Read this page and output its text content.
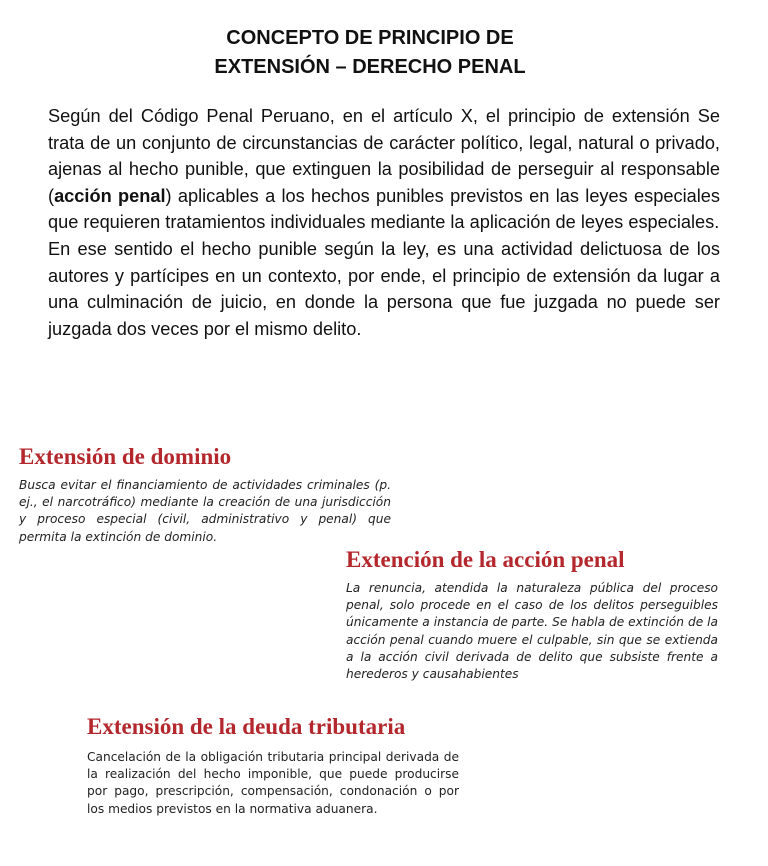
CONCEPTO DE PRINCIPIO DE
EXTENSIÓN – DERECHO PENAL

Según del Código Penal Peruano, en el artículo X, el principio de extensión Se trata de un conjunto de circunstancias de carácter político, legal, natural o privado, ajenas al hecho punible, que extinguen la posibilidad de perseguir al responsable (acción penal) aplicables a los hechos punibles previstos en las leyes especiales que requieren tratamientos individuales mediante la aplicación de leyes especiales.

En ese sentido el hecho punible según la ley, es una actividad delictuosa de los autores y partícipes en un contexto, por ende, el principio de extensión da lugar a una culminación de juicio, en donde la persona que fue juzgada no puede ser juzgada dos veces por el mismo delito.

Extensión de dominio
Busca evitar el financiamiento de actividades criminales (p. ej., el narcotráfico) mediante la creación de una jurisdicción y proceso especial (civil, administrativo y penal) que permita la extinción de dominio.
Extención de la acción penal
La renuncia, atendida la naturaleza pública del proceso penal, solo procede en el caso de los delitos perseguibles únicamente a instancia de parte. Se habla de extinción de la acción penal cuando muere el culpable, sin que se extienda a la acción civil derivada de delito que subsiste frente a herederos y causahabientes
Extensión de la deuda tributaria
Cancelación de la obligación tributaria principal derivada de la realización del hecho imponible, que puede producirse por pago, prescripción, compensación, condonación o por los medios previstos en la normativa aduanera.
